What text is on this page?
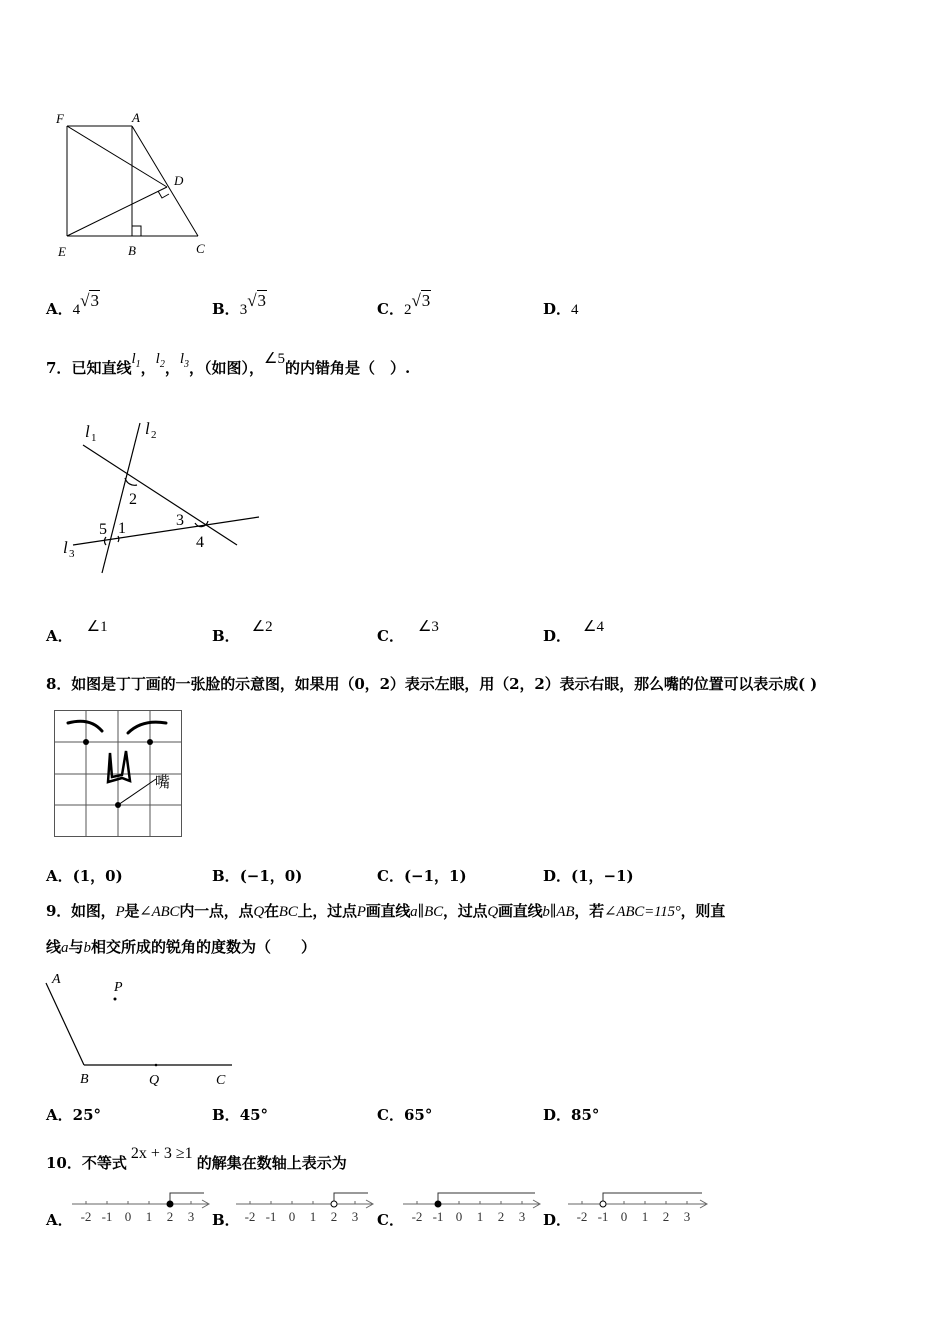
F	A
D
E	B	C
A．4√3	B．3√3	C．2√3	D．4
7．已知直线$l_1$，$l_2$，$l_3$，（如图），∠5的内错角是（　）.
l 1	l 2
l 3
2
5 1	3
4
A． ∠1	B． ∠2	C． ∠3	D． ∠4
8．如图是丁丁画的一张脸的示意图，如果用（0，2）表示左眼，用（2，2）表示右眼，那么嘴的位置可以表示成( )
嘴
A．(1，0)	B．(−1，0)	C．(−1，1)	D．(1，−1)
9．如图，P是∠ABC内一点，点Q在BC上，过点P画直线a∥BC，过点Q画直线b∥AB，若∠ABC=115°，则直
线a与b相交所成的锐角的度数为（　　）
A
P
B	Q	C
A．25°	B．45°	C．65°	D．85°
10．不等式2x + 3 ≥1的解集在数轴上表示为
A． -2 -1 0 1 2 3 B． -2 -1 0 1 2 3 C． -2 -1 0 1 2 3 D． -2 -1 0 1 2 3
